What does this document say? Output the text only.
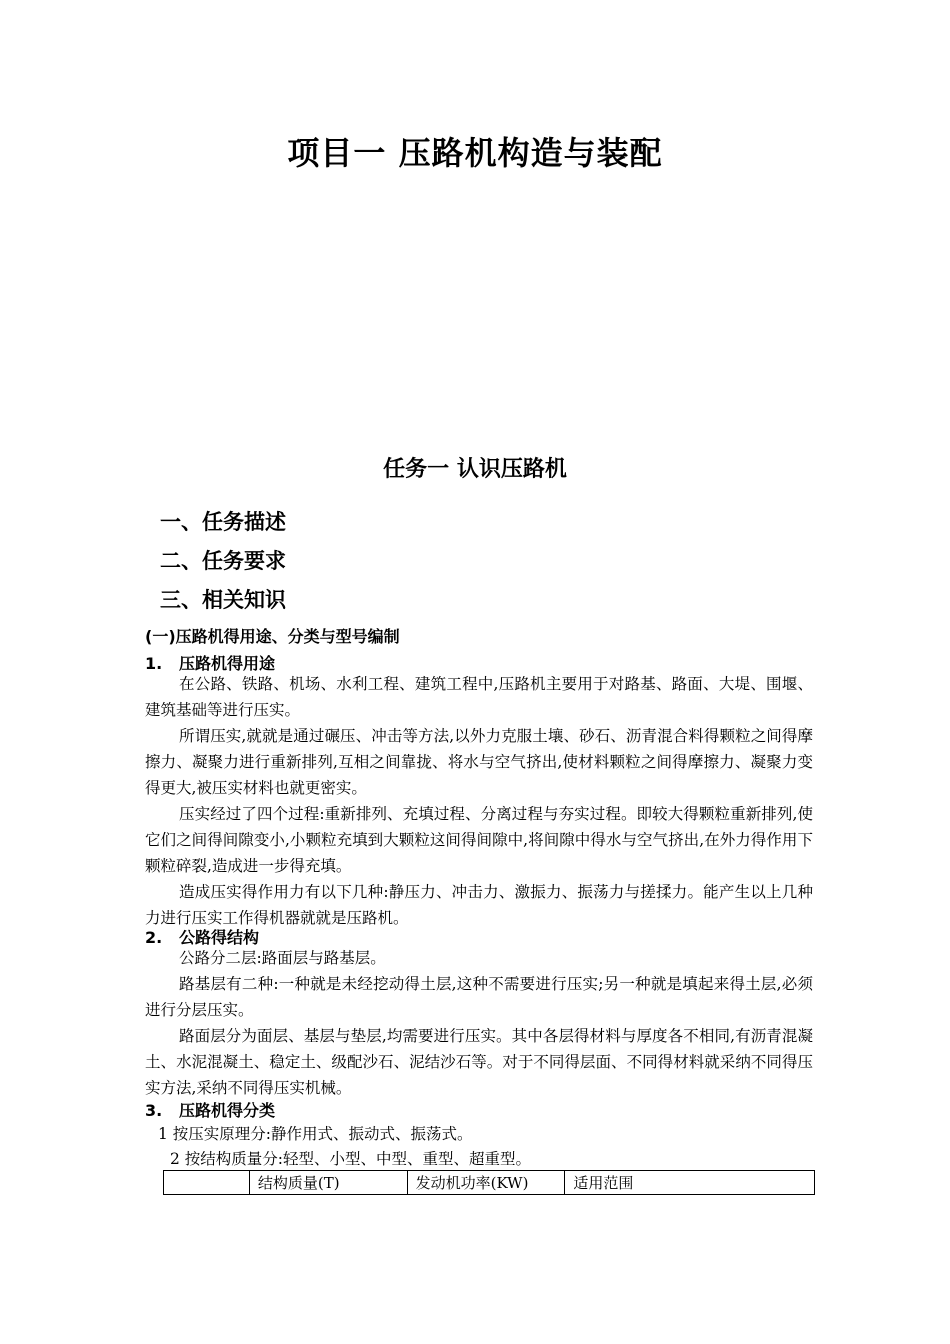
项目一 压路机构造与装配
任务一 认识压路机
一、任务描述
二、任务要求
三、相关知识
(一)压路机得用途、分类与型号编制
1. 压路机得用途
在公路、铁路、机场、水利工程、建筑工程中,压路机主要用于对路基、路面、大堤、围堰、建筑基础等进行压实。
所谓压实,就就是通过碾压、冲击等方法,以外力克服土壤、砂石、沥青混合料得颗粒之间得摩擦力、凝聚力进行重新排列,互相之间靠拢、将水与空气挤出,使材料颗粒之间得摩擦力、凝聚力变得更大,被压实材料也就更密实。
压实经过了四个过程:重新排列、充填过程、分离过程与夯实过程。即较大得颗粒重新排列,使它们之间得间隙变小,小颗粒充填到大颗粒这间得间隙中,将间隙中得水与空气挤出,在外力得作用下颗粒碎裂,造成进一步得充填。
造成压实得作用力有以下几种:静压力、冲击力、激振力、振荡力与搓揉力。能产生以上几种力进行压实工作得机器就就是压路机。
2. 公路得结构
公路分二层:路面层与路基层。
路基层有二种:一种就是未经挖动得土层,这种不需要进行压实;另一种就是填起来得土层,必须进行分层压实。
路面层分为面层、基层与垫层,均需要进行压实。其中各层得材料与厚度各不相同,有沥青混凝土、水泥混凝土、稳定土、级配沙石、泥结沙石等。对于不同得层面、不同得材料就采纳不同得压实方法,采纳不同得压实机械。
3. 压路机得分类
1 按压实原理分:静作用式、振动式、振荡式。
2 按结构质量分:轻型、小型、中型、重型、超重型。
	结构质量(T)	发动机功率(KW)	适用范围
